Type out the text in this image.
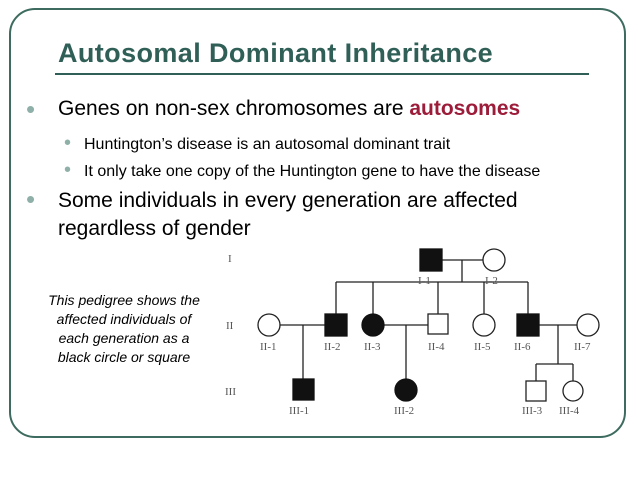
Autosomal Dominant Inheritance
• Genes on non-sex chromosomes are autosomes
• Huntington’s disease is an autosomal dominant trait
• It only take one copy of the Huntington gene to have the disease
• Some individuals in every generation are affected regardless of gender
This pedigree shows the affected individuals of each generation as a black circle or square
I
II
III
I-1	I-2
II-1	II-2 II-3	II-4	II-5 II-6	II-7
III-1	III-2	III-3 III-4
